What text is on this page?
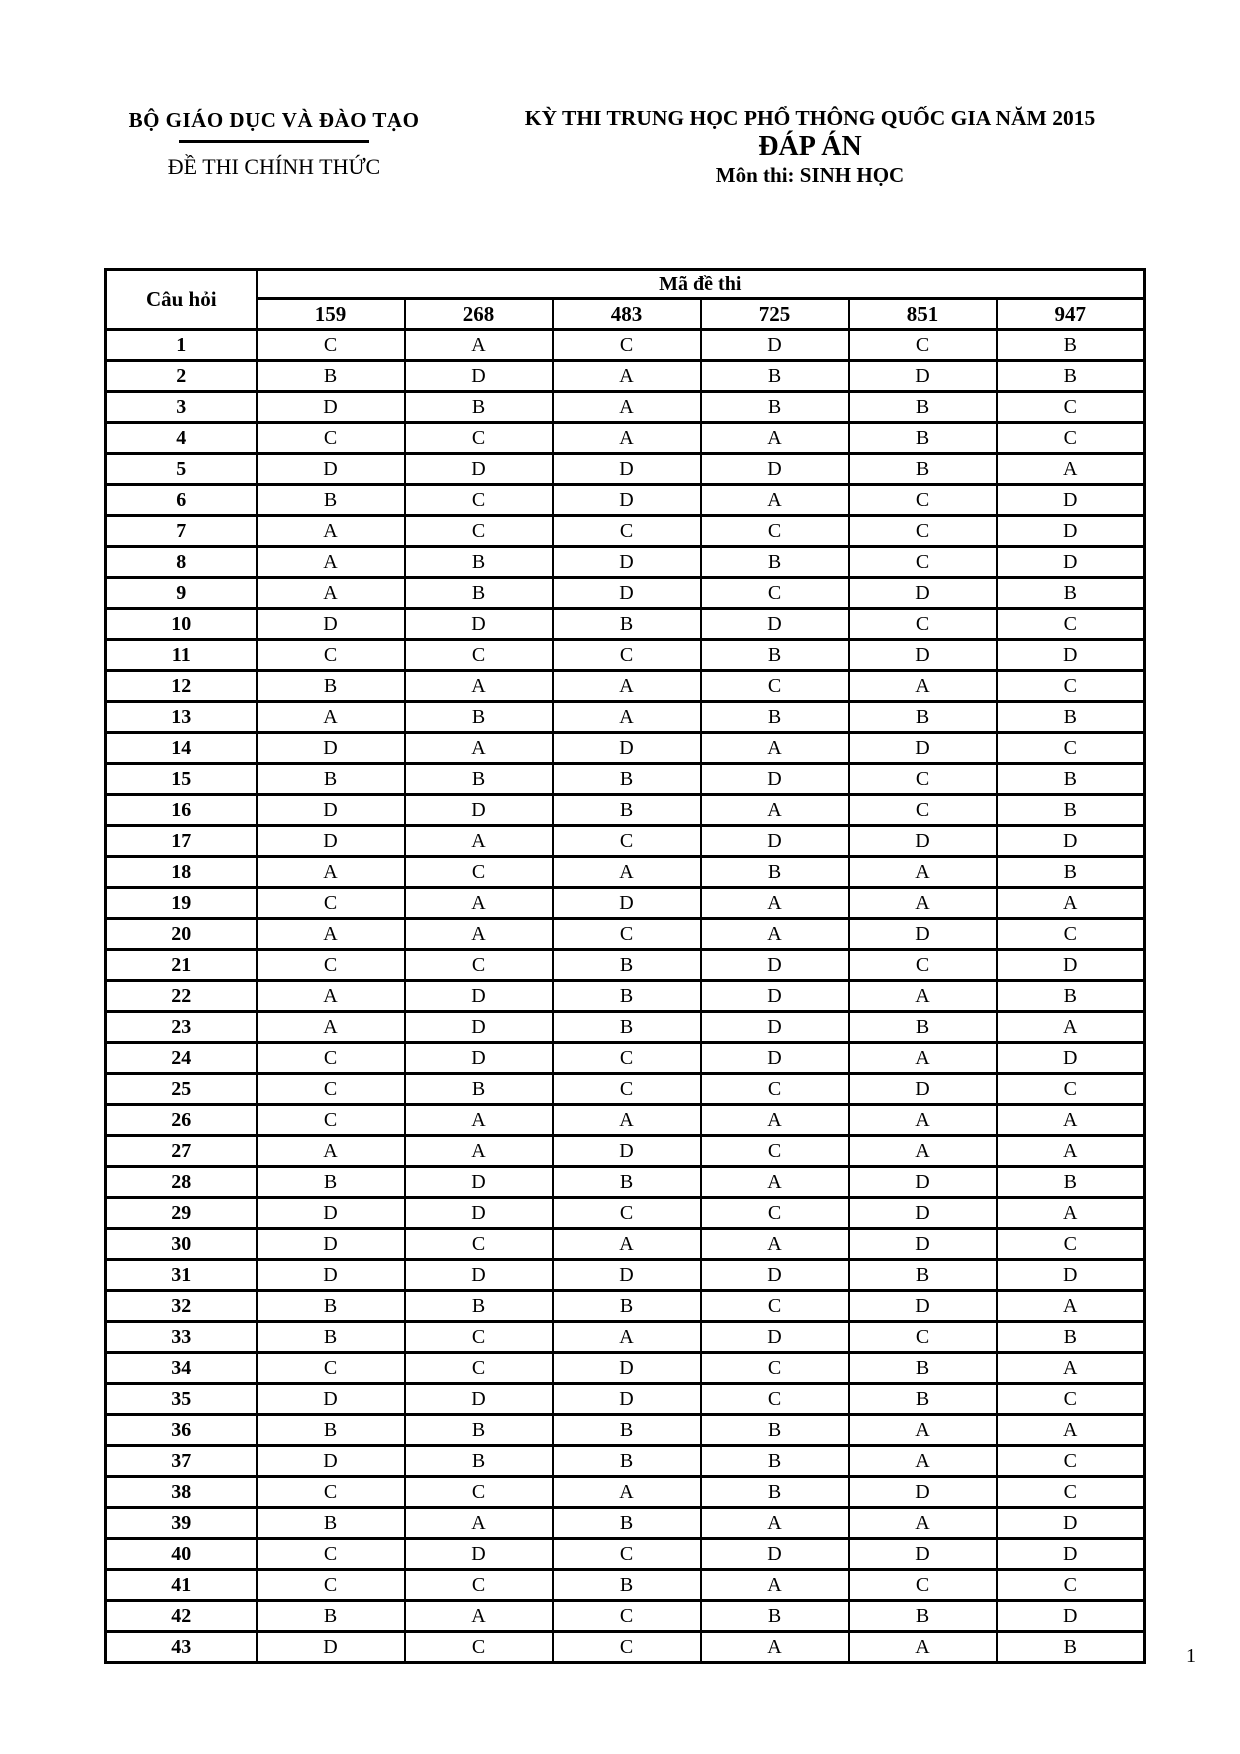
BỘ GIÁO DỤC VÀ ĐÀO TẠO
ĐỀ THI CHÍNH THỨC
KỲ THI TRUNG HỌC PHỔ THÔNG QUỐC GIA NĂM 2015
ĐÁP ÁN
Môn thi: SINH HỌC
Câu hỏi	Mã đề thi					
	159	268	483	725	851	947
1	C	A	C	D	C	B
2	B	D	A	B	D	B
3	D	B	A	B	B	C
4	C	C	A	A	B	C
5	D	D	D	D	B	A
6	B	C	D	A	C	D
7	A	C	C	C	C	D
8	A	B	D	B	C	D
9	A	B	D	C	D	B
10	D	D	B	D	C	C
11	C	C	C	B	D	D
12	B	A	A	C	A	C
13	A	B	A	B	B	B
14	D	A	D	A	D	C
15	B	B	B	D	C	B
16	D	D	B	A	C	B
17	D	A	C	D	D	D
18	A	C	A	B	A	B
19	C	A	D	A	A	A
20	A	A	C	A	D	C
21	C	C	B	D	C	D
22	A	D	B	D	A	B
23	A	D	B	D	B	A
24	C	D	C	D	A	D
25	C	B	C	C	D	C
26	C	A	A	A	A	A
27	A	A	D	C	A	A
28	B	D	B	A	D	B
29	D	D	C	C	D	A
30	D	C	A	A	D	C
31	D	D	D	D	B	D
32	B	B	B	C	D	A
33	B	C	A	D	C	B
34	C	C	D	C	B	A
35	D	D	D	C	B	C
36	B	B	B	B	A	A
37	D	B	B	B	A	C
38	C	C	A	B	D	C
39	B	A	B	A	A	D
40	C	D	C	D	D	D
41	C	C	B	A	C	C
42	B	A	C	B	B	D
43	D	C	C	A	A	B	1
